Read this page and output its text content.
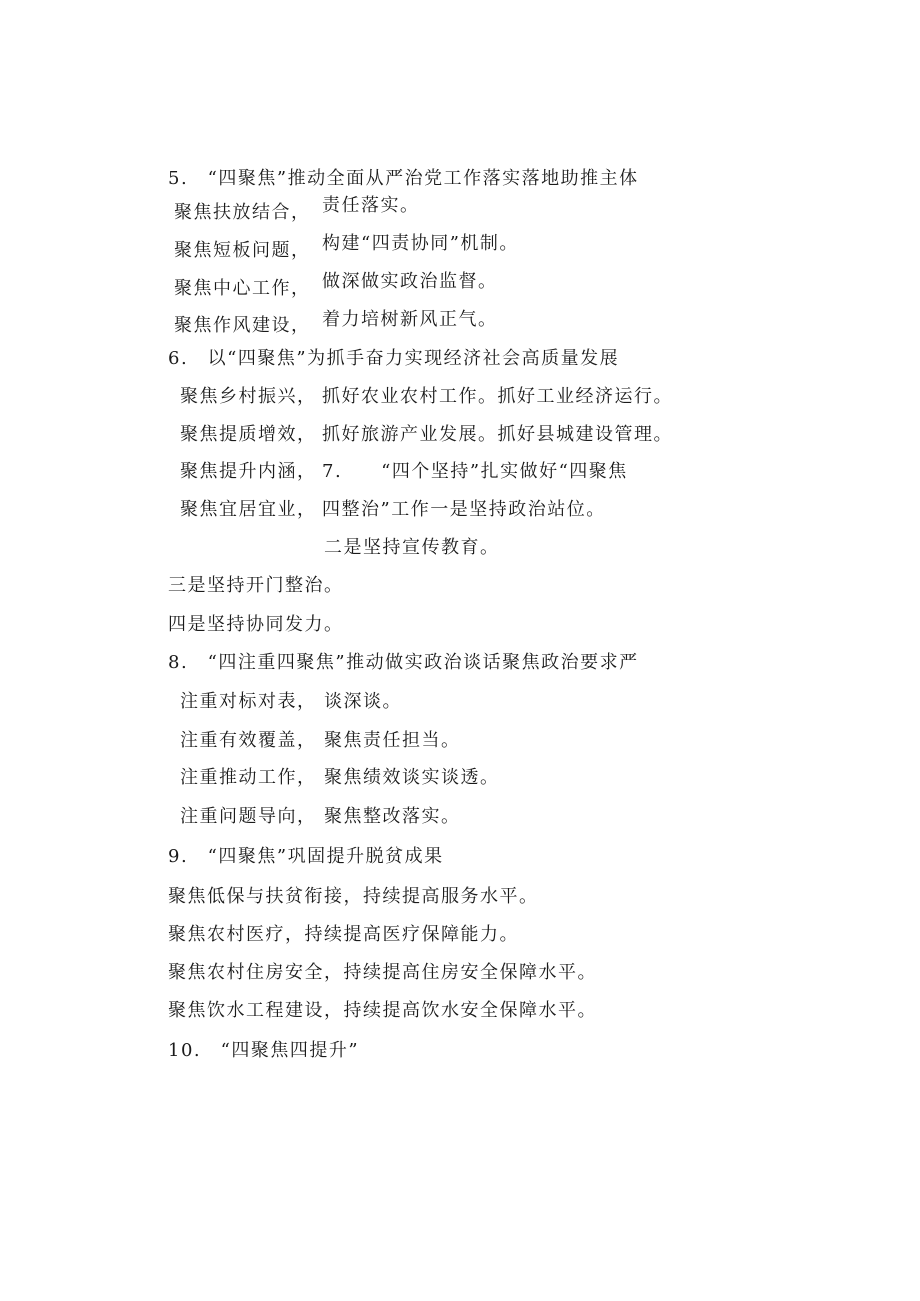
5.　“四聚焦”推动全面从严治党工作落实落地助推主体
聚焦扶放结合， 责任落实。
聚焦短板问题， 构建“四责协同”机制。
聚焦中心工作， 做深做实政治监督。
聚焦作风建设， 着力培树新风正气。
6.　以“四聚焦”为抓手奋力实现经济社会高质量发展
聚焦乡村振兴， 抓好农业农村工作。抓好工业经济运行。
聚焦提质增效， 抓好旅游产业发展。抓好县城建设管理。
聚焦提升内涵， 7.　　“四个坚持”扎实做好“四聚焦
聚焦宜居宜业， 四整治”工作一是坚持政治站位。
二是坚持宣传教育。
三是坚持开门整治。
四是坚持协同发力。
8.　“四注重四聚焦”推动做实政治谈话聚焦政治要求严
注重对标对表， 谈深谈。
注重有效覆盖， 聚焦责任担当。
注重推动工作， 聚焦绩效谈实谈透。
注重问题导向， 聚焦整改落实。
9.　“四聚焦”巩固提升脱贫成果
聚焦低保与扶贫衔接，持续提高服务水平。
聚焦农村医疗，持续提高医疗保障能力。
聚焦农村住房安全，持续提高住房安全保障水平。
聚焦饮水工程建设，持续提高饮水安全保障水平。
10.　“四聚焦四提升”
